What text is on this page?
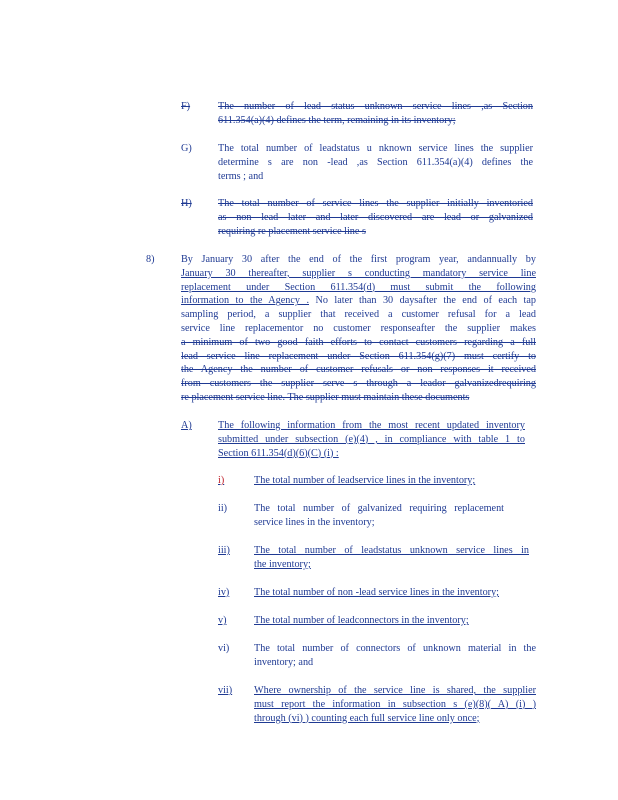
F)	The number of lead status unknown service lines ,as Section
611.354(a)(4) defines the term, remaining in its inventory;
G)	The total number of leadstatus u nknown service lines the supplier
determine s are non -lead ,as Section 611.354(a)(4) defines the
terms ; and
H)	The total number of service lines the supplier initially inventoried
as non lead later and later discovered are lead or galvanized
requiring re placement service line s
8)	By January 30 after the end of the first program year, andannually by
January 30 thereafter, supplier s conducting mandatory service line
replacement under Section 611.354(d) must submit the following
information to the Agency . No later than 30 daysafter the end of each tap
sampling period, a supplier that received a customer refusal for a lead
service line replacementor no customer responseafter the supplier makes
a minimum of two good faith efforts to contact customers regarding a full
lead service line replacement under Section 611.354(g)(7) must certify to
the Agency the number of customer refusals or non responses it received
from customers the supplier serve s through a leador galvanizedrequiring
re placement service line. The supplier must maintain these documents
A)	The following information from the most recent updated inventory
submitted under subsection (e)(4) , in compliance with table 1 to
Section 611.354(d)(6)(C) (i) :
i)	The total number of leadservice lines in the inventory;
ii)	The total number of galvanized requiring replacement
service lines in the inventory;
iii) The total number of leadstatus unknown service lines in
the inventory;
iv) The total number of non -lead service lines in the inventory;
v)	The total number of leadconnectors in the inventory;
vi) The total number of connectors of unknown material in the
inventory; and
vii) Where ownership of the service line is shared, the supplier
must report the information in subsection s (e)(8)( A) (i) )
through (vi) ) counting each full service line only once;
